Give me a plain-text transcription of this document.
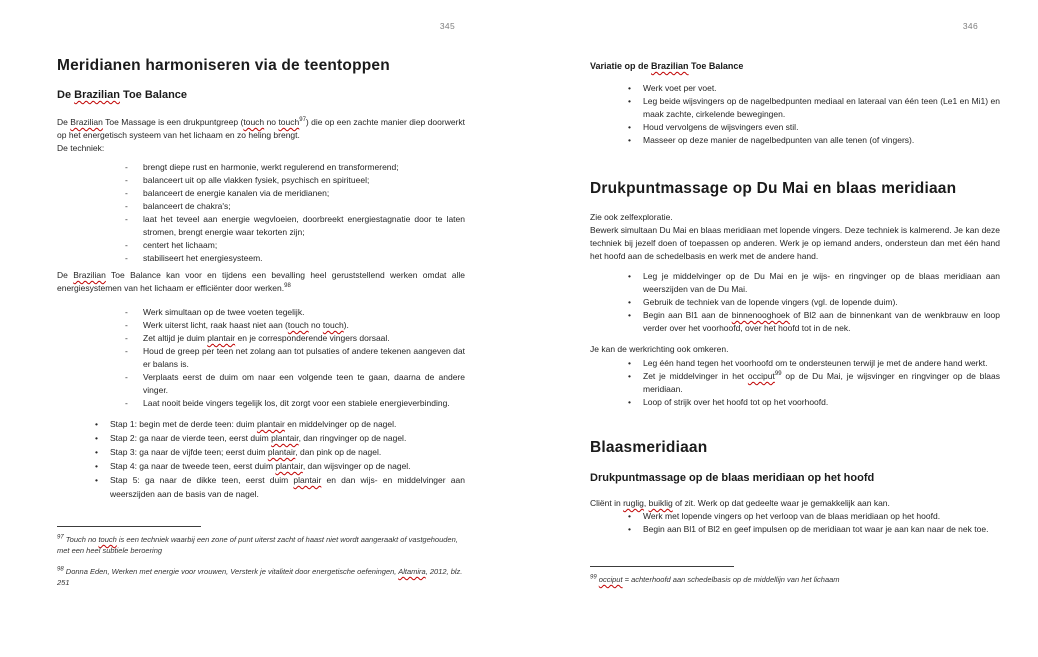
345
Meridianen harmoniseren via de teentoppen
De Brazilian Toe Balance

De Brazilian Toe Massage is een drukpuntgreep (touch no touch$^{97}$) die op een zachte manier diep doorwerkt op het energetisch systeem van het lichaam en zo heling brengt.

De techniek:

- brengt diepe rust en harmonie, werkt regulerend en transformerend;
- balanceert uit op alle vlakken fysiek, psychisch en spiritueel;
- balanceert de energie kanalen via de meridianen;
- balanceert de chakra's;
- laat het teveel aan energie wegvloeien, doorbreekt energiestagnatie door te laten stromen, brengt energie waar tekorten zijn;
- centert het lichaam;
- stabiliseert het energiesysteem.

De Brazilian Toe Balance kan voor en tijdens een bevalling heel geruststellend werken omdat alle energiesystemen van het lichaam er efficiënter door werken.$^{98}$

- Werk simultaan op de twee voeten tegelijk.
- Werk uiterst licht, raak haast niet aan (touch no touch).
- Zet altijd je duim plantair en je corresponderende vingers dorsaal.
- Houd de greep per teen net zolang aan tot pulsaties of andere tekenen aangeven dat er balans is.
- Verplaats eerst de duim om naar een volgende teen te gaan, daarna de andere vinger.
- Laat nooit beide vingers tegelijk los, dit zorgt voor een stabiele energieverbinding.
• Stap 1: begin met de derde teen: duim plantair en middelvinger op de nagel.
• Stap 2: ga naar de vierde teen, eerst duim plantair, dan ringvinger op de nagel.
• Stap 3: ga naar de vijfde teen; eerst duim plantair, dan pink op de nagel.
• Stap 4: ga naar de tweede teen, eerst duim plantair, dan wijsvinger op de nagel.
• Stap 5: ga naar de dikke teen, eerst duim plantair en dan wijs- en middelvinger aan weerszijden aan de basis van de nagel.
$^{97}$ Touch no touch is een techniek waarbij een zone of punt uiterst zacht of haast niet wordt aangeraakt of vastgehouden, met een heel subtiele beroering
$^{98}$ Donna Eden, Werken met energie voor vrouwen, Versterk je vitaliteit door energetische oefeningen, Altamira, 2012, blz. 251
346
Variatie op de Brazilian Toe Balance
• Werk voet per voet.
• Leg beide wijsvingers op de nagelbedpunten mediaal en lateraal van één teen (Le1 en Mi1) en maak zachte, cirkelende bewegingen.
• Houd vervolgens de wijsvingers even stil.
• Masseer op deze manier de nagelbedpunten van alle tenen (of vingers).
Drukpuntmassage op Du Mai en blaas meridiaan

Zie ook zelfexploratie.

Bewerk simultaan Du Mai en blaas meridiaan met lopende vingers. Deze techniek is kalmerend. Je kan deze techniek bij jezelf doen of toepassen op anderen. Werk je op iemand anders, ondersteun dan met één hand het hoofd aan de schedelbasis en werk met de andere hand.

• Leg je middelvinger op de Du Mai en je wijs- en ringvinger op de blaas meridiaan aan weerszijden van de Du Mai.
• Gebruik de techniek van de lopende vingers (vgl. de lopende duim).
• Begin aan Bl1 aan de binnenooghoek of Bl2 aan de binnenkant van de wenkbrauw en loop verder over het voorhoofd, over het hoofd tot in de nek.

Je kan de werkrichting ook omkeren.

• Leg één hand tegen het voorhoofd om te ondersteunen terwijl je met de andere hand werkt.
• Zet je middelvinger in het occiput$^{99}$ op de Du Mai, je wijsvinger en ringvinger op de blaas meridiaan.
• Loop of strijk over het hoofd tot op het voorhoofd.
Blaasmeridiaan
Drukpuntmassage op de blaas meridiaan op het hoofd

Cliënt in ruglig, buiklig of zit. Werk op dat gedeelte waar je gemakkelijk aan kan.

• Werk met lopende vingers op het verloop van de blaas meridiaan op het hoofd.
• Begin aan Bl1 of Bl2 en geef impulsen op de meridiaan tot waar je aan kan naar de nek toe.
$^{99}$ occiput = achterhoofd aan schedelbasis op de middellijn van het lichaam
